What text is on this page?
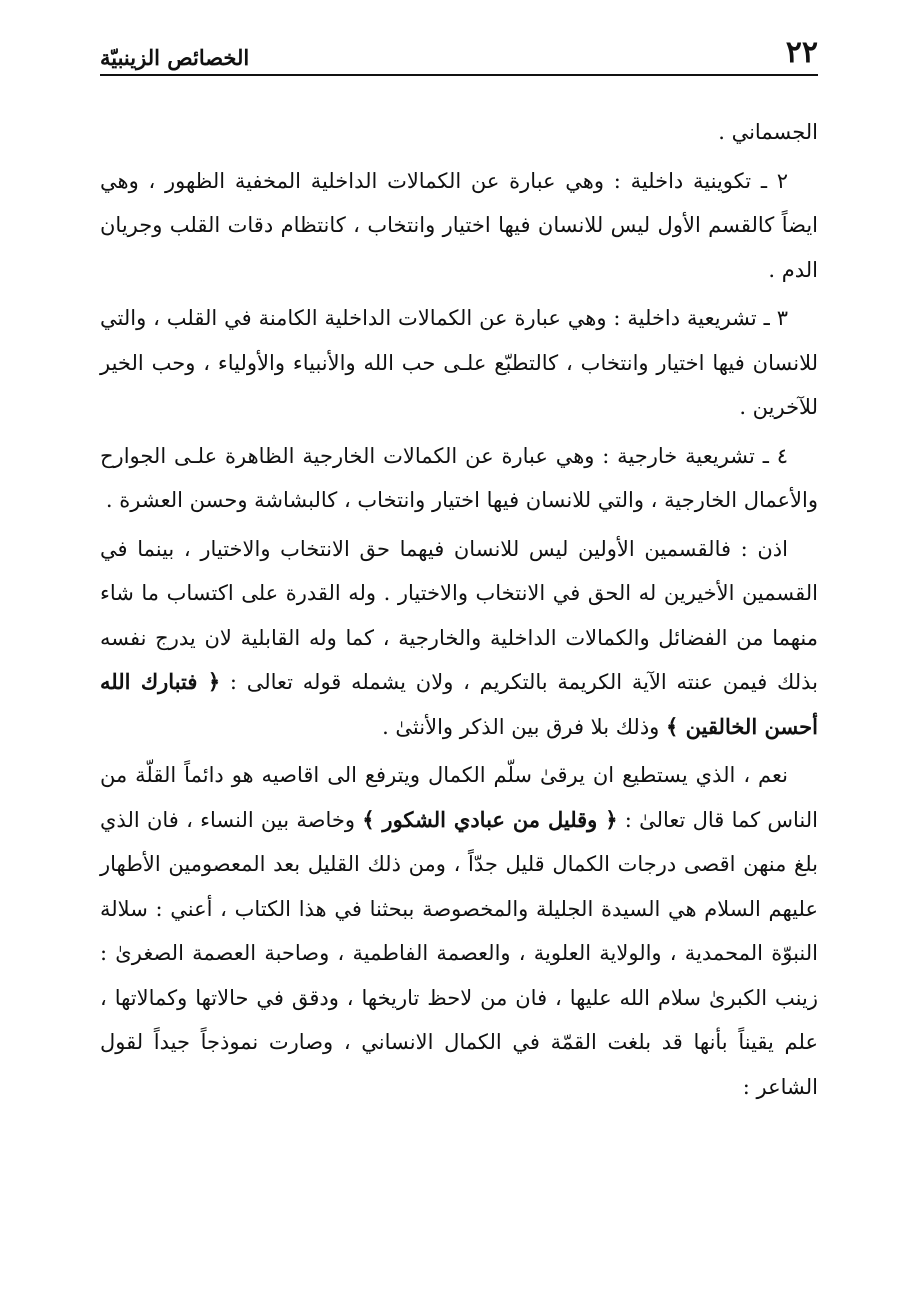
٢٢
الخصائص الزينبيّة

الجسماني .

٢ ـ تكوينية داخلية : وهي عبارة عن الكمالات الداخلية المخفية الظهور ، وهي ايضاً كالقسم الأول ليس للانسان فيها اختيار وانتخاب ، كانتظام دقات القلب وجريان الدم .

٣ ـ تشريعية داخلية : وهي عبارة عن الكمالات الداخلية الكامنة في القلب ، والتي للانسان فيها اختيار وانتخاب ، كالتطبّع علـى حب الله والأنبياء والأولياء ، وحب الخير للآخرين .

٤ ـ تشريعية خارجية : وهي عبارة عن الكمالات الخارجية الظاهرة علـى الجوارح والأعمال الخارجية ، والتي للانسان فيها اختيار وانتخاب ، كالبشاشة وحسن العشرة .

اذن : فالقسمين الأولين ليس للانسان فيهما حق الانتخاب والاختيار ، بينما في القسمين الأخيرين له الحق في الانتخاب والاختيار . وله القدرة على اكتساب ما شاء منهما من الفضائل والكمالات الداخلية والخارجية ، كما وله القابلية لان يدرج نفسه بذلك فيمن عنته الآية الكريمة بالتكريم ، ولان يشمله قوله تعالى : ﴿ فتبارك الله أحسن الخالقين ﴾ وذلك بلا فرق بين الذكر والأنثىٰ .

نعم ، الذي يستطيع ان يرقىٰ سلّم الكمال ويترفع الى اقاصيه هو دائماً القلّة من الناس كما قال تعالىٰ : ﴿ وقليل من عبادي الشكور ﴾ وخاصة بين النساء ، فان الذي بلغ منهن اقصى درجات الكمال قليل جدّاً ، ومن ذلك القليل بعد المعصومين الأطهار عليهم السلام هي السيدة الجليلة والمخصوصة ببحثنا في هذا الكتاب ، أعني : سلالة النبوّة المحمدية ، والولاية العلوية ، والعصمة الفاطمية ، وصاحبة العصمة الصغرىٰ : زينب الكبرىٰ سلام الله عليها ، فان من لاحظ تاريخها ، ودقق في حالاتها وكمالاتها ، علم يقيناً بأنها قد بلغت القمّة في الكمال الانساني ، وصارت نموذجاً جيداً لقول الشاعر :
